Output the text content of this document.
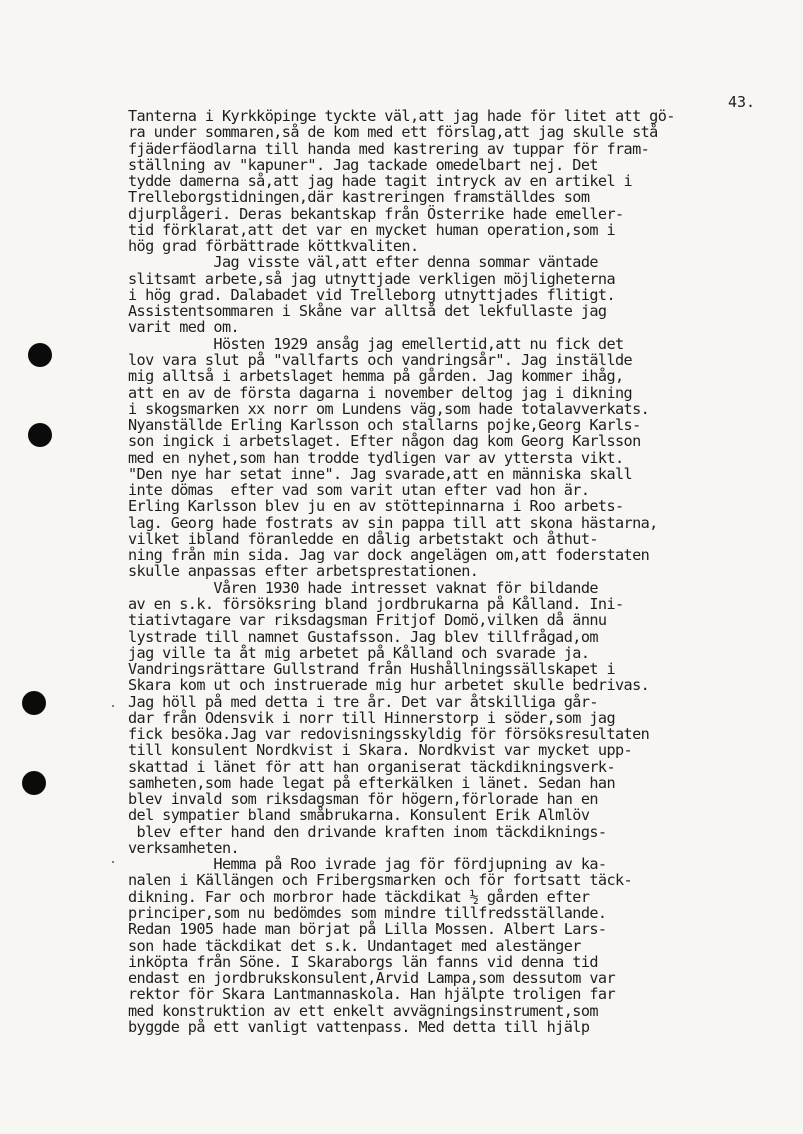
43.
Tanterna i Kyrkköpinge tyckte väl,att jag hade för litet att gö-
ra under sommaren,så de kom med ett förslag,att jag skulle stå
fjäderfäodlarna till handa med kastrering av tuppar för fram-
ställning av "kapuner". Jag tackade omedelbart nej. Det
tydde damerna så,att jag hade tagit intryck av en artikel i
Trelleborgstidningen,där kastreringen framställdes som
djurplågeri. Deras bekantskap från Österrike hade emeller-
tid förklarat,att det var en mycket human operation,som i
hög grad förbättrade köttkvaliten.
Jag visste väl,att efter denna sommar väntade
slitsamt arbete,så jag utnyttjade verkligen möjligheterna
i hög grad. Dalabadet vid Trelleborg utnyttjades flitigt.
Assistentsommaren i Skåne var alltså det lekfullaste jag
varit med om.
Hösten 1929 ansåg jag emellertid,att nu fick det
lov vara slut på "vallfarts och vandringsår". Jag inställde
mig alltså i arbetslaget hemma på gården. Jag kommer ihåg,
att en av de första dagarna i november deltog jag i dikning
i skogsmarken xx norr om Lundens väg,som hade totalavverkats.
Nyanställde Erling Karlsson och stallarns pojke,Georg Karls-
son ingick i arbetslaget. Efter någon dag kom Georg Karlsson
med en nyhet,som han trodde tydligen var av yttersta vikt.
"Den nye har setat inne". Jag svarade,att en människa skall
inte dömas  efter vad som varit utan efter vad hon är.
Erling Karlsson blev ju en av stöttepinnarna i Roo arbets-
lag. Georg hade fostrats av sin pappa till att skona hästarna,
vilket ibland föranledde en dålig arbetstakt och åthut-
ning från min sida. Jag var dock angelägen om,att foderstaten
skulle anpassas efter arbetsprestationen.
Våren 1930 hade intresset vaknat för bildande
av en s.k. försöksring bland jordbrukarna på Kålland. Ini-
tiativtagare var riksdagsman Fritjof Domö,vilken då ännu
lystrade till namnet Gustafsson. Jag blev tillfrågad,om
jag ville ta åt mig arbetet på Kålland och svarade ja.
Vandringsrättare Gullstrand från Hushållningssällskapet i
Skara kom ut och instruerade mig hur arbetet skulle bedrivas.
Jag höll på med detta i tre år. Det var åtskilliga går-
dar från Odensvik i norr till Hinnerstorp i söder,som jag
fick besöka.Jag var redovisningsskyldig för försöksresultaten
till konsulent Nordkvist i Skara. Nordkvist var mycket upp-
skattad i länet för att han organiserat täckdikningsverk-
samheten,som hade legat på efterkälken i länet. Sedan han
blev invald som riksdagsman för högern,förlorade han en
del sympatier bland småbrukarna. Konsulent Erik Almlöv
blev efter hand den drivande kraften inom täckdiknings-
verksamheten.
Hemma på Roo ivrade jag för fördjupning av ka-
nalen i Källängen och Fribergsmarken och för fortsatt täck-
dikning. Far och morbror hade täckdikat ½ gården efter
principer,som nu bedömdes som mindre tillfredsställande.
Redan 1905 hade man börjat på Lilla Mossen. Albert Lars-
son hade täckdikat det s.k. Undantaget med alestänger
inköpta från Söne. I Skaraborgs län fanns vid denna tid
endast en jordbrukskonsulent,Arvid Lampa,som dessutom var
rektor för Skara Lantmannaskola. Han hjälpte troligen far
med konstruktion av ett enkelt avvägningsinstrument,som
byggde på ett vanligt vattenpass. Med detta till hjälp
